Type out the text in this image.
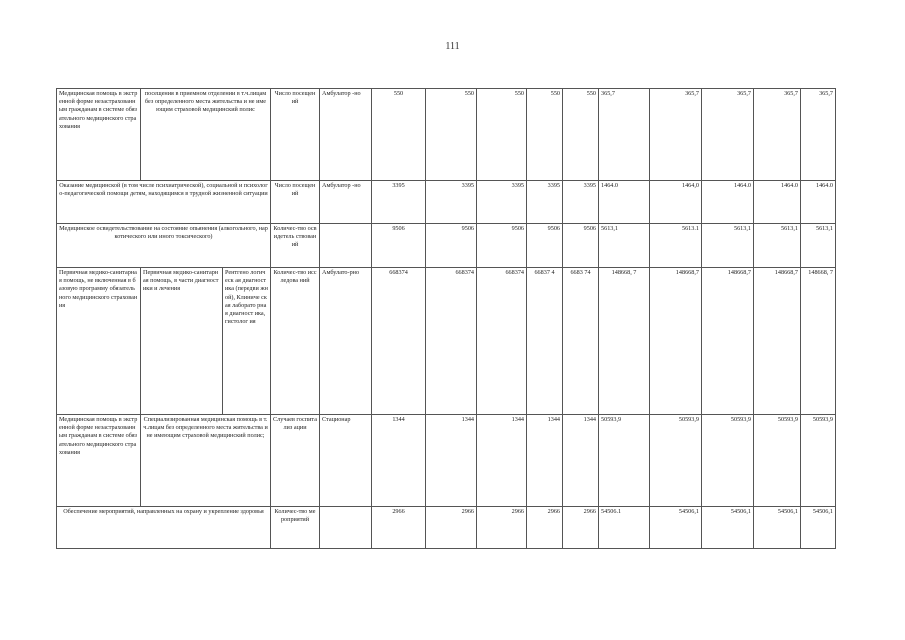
111
Медицинская помощь в экстренной форме незастрахованным гражданам в системе обязательного медицинского страхования	посещения в приемном отделении в т.ч.лицам без определенного места жительства и не имеющим страховой медицинский полис		Число посещений	Амбулатор -но	550	550	550	550	550	365,7	365,7	365,7	365,7	365,7
Оказание медицинской (в том числе психиатрической), социальной и психолого-педагогической помощи детям, находящимся в трудной жизненной ситуации			Число посещений	Амбулатор -но	3395	3395	3395	3395	3395	1464.0	1464,0	1464.0	1464.0	1464.0
Медицинское освидетельствование на состояние опьянения (алкогольного, наркотического или иного токсического)			Количес-тво освидетель ствований		9506	9506	9506	9506	9506	5613,1	5613.1	5613,1	5613,1	5613,1
Первичная медико-санитарная помощь, не включенная в базовую программу обязательного медицинского страхования	Первичная медико-санитарная помощь, в части диагностики и лечения	Рентгено логическ ая диагност ика (передви жной), Клиниче ская лаборато рная диагност ика, гистолог ия	Количес-тво исследова ний	Амбулато-рно	668374	668374	668374	66837 4	6683 74	148668, 7	148668,7	148668,7	148668,7	148668, 7
Медицинская помощь в экстренной форме незастрахованным гражданам в системе обязательного медицинского страхования	Специализированная медицинская помощь в т.ч.лицам без определенного места жительства и не имеющим страховой медицинский полис;		Случаев госпитализ ации	Стационар	1344	1344	1344	1344	1344	50593,9	50593,9	50593,9	50593,9	50593,9
Обеспечение мероприятий, направленных на охрану и укрепление здоровья			Количес-тво мероприятий		2966	2966	2966	2966	2966	54506.1	54506,1	54506,1	54506,1	54506,1
